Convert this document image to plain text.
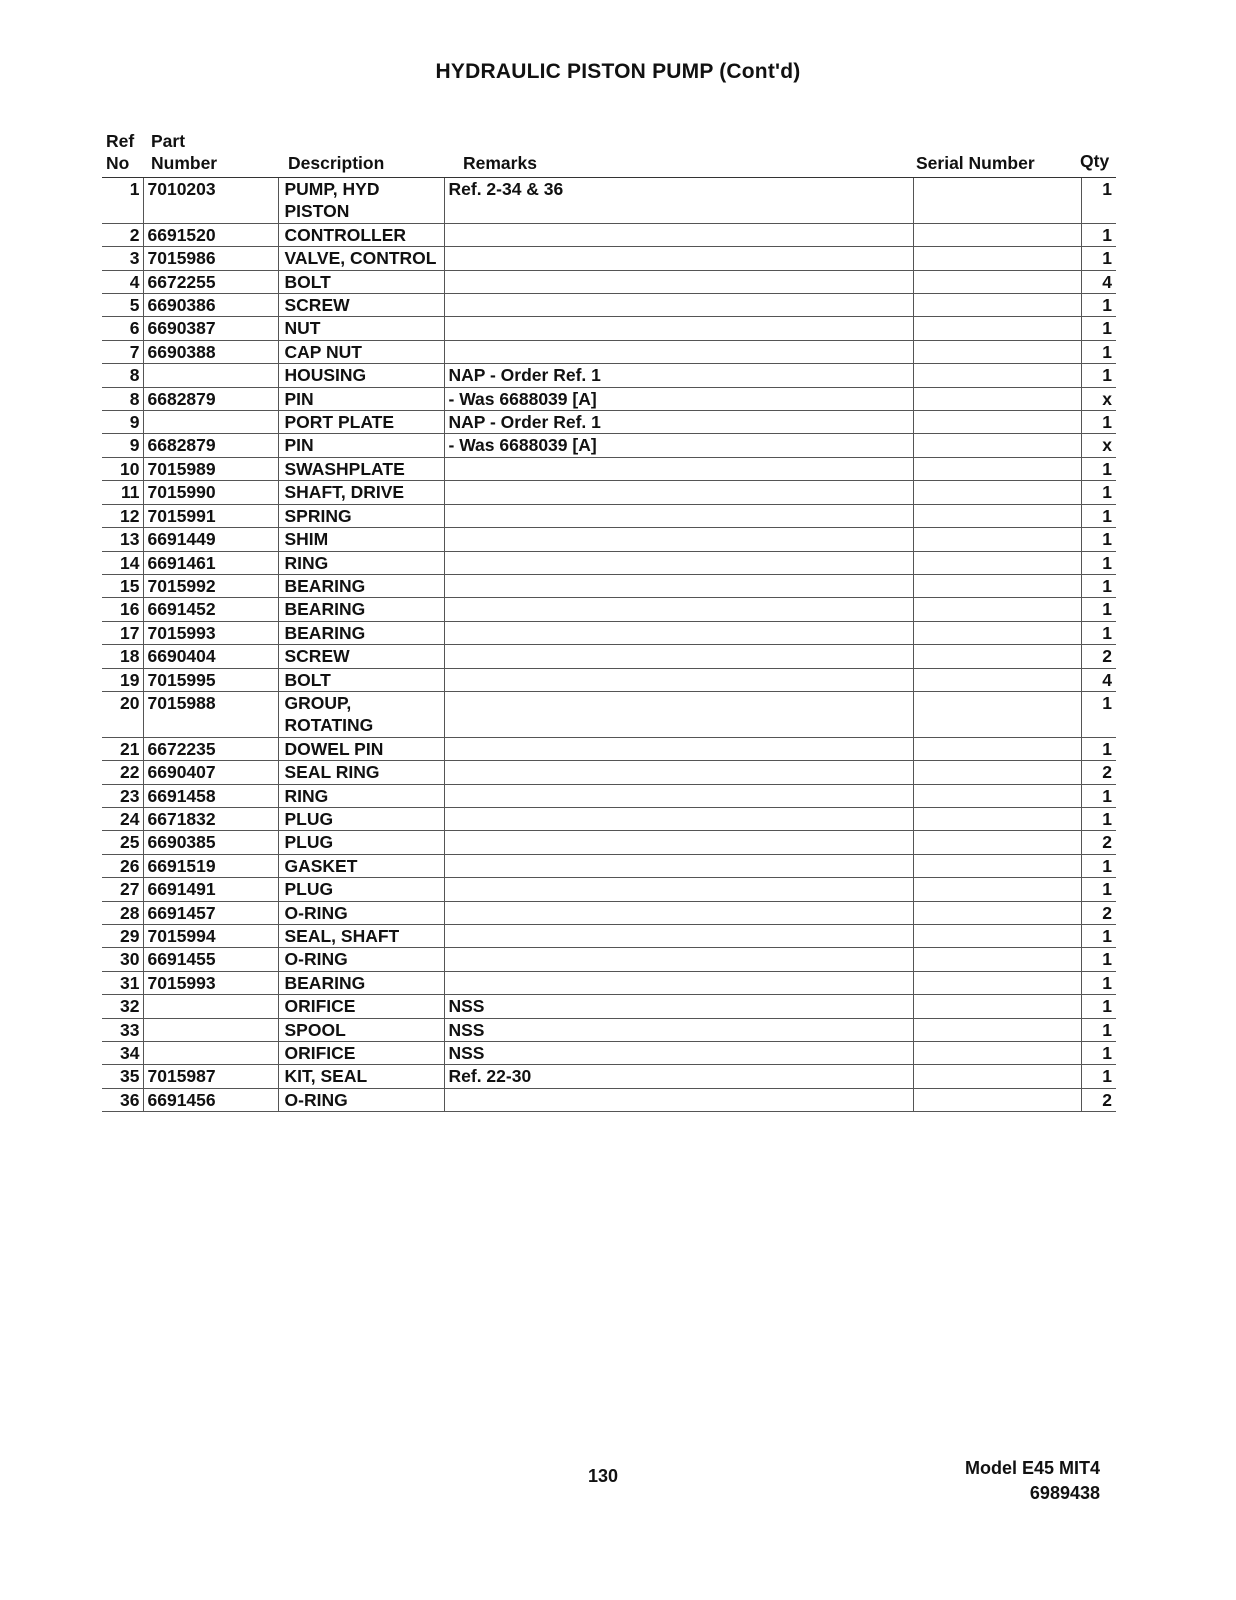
HYDRAULIC PISTON PUMP (Cont'd)
Ref
No
Part
Number	Description	Remarks	Serial Number	Qty
1	7010203	PUMP, HYD PISTON	Ref. 2-34 & 36		1
2	6691520	CONTROLLER			1
3	7015986	VALVE, CONTROL			1
4	6672255	BOLT			4
5	6690386	SCREW			1
6	6690387	NUT			1
7	6690388	CAP NUT			1
8		HOUSING	NAP - Order Ref. 1		1
8	6682879	PIN	- Was 6688039 [A]		x
9		PORT PLATE	NAP - Order Ref. 1		1
9	6682879	PIN	- Was 6688039 [A]		x
10	7015989	SWASHPLATE			1
11	7015990	SHAFT, DRIVE			1
12	7015991	SPRING			1
13	6691449	SHIM			1
14	6691461	RING			1
15	7015992	BEARING			1
16	6691452	BEARING			1
17	7015993	BEARING			1
18	6690404	SCREW			2
19	7015995	BOLT			4
20	7015988	GROUP, ROTATING			1
21	6672235	DOWEL PIN			1
22	6690407	SEAL RING			2
23	6691458	RING			1
24	6671832	PLUG			1
25	6690385	PLUG			2
26	6691519	GASKET			1
27	6691491	PLUG			1
28	6691457	O-RING			2
29	7015994	SEAL, SHAFT			1
30	6691455	O-RING			1
31	7015993	BEARING			1
32		ORIFICE	NSS		1
33		SPOOL	NSS		1
34		ORIFICE	NSS		1
35	7015987	KIT, SEAL	Ref. 22-30		1
36	6691456	O-RING			2
130	Model E45 MIT4
6989438
